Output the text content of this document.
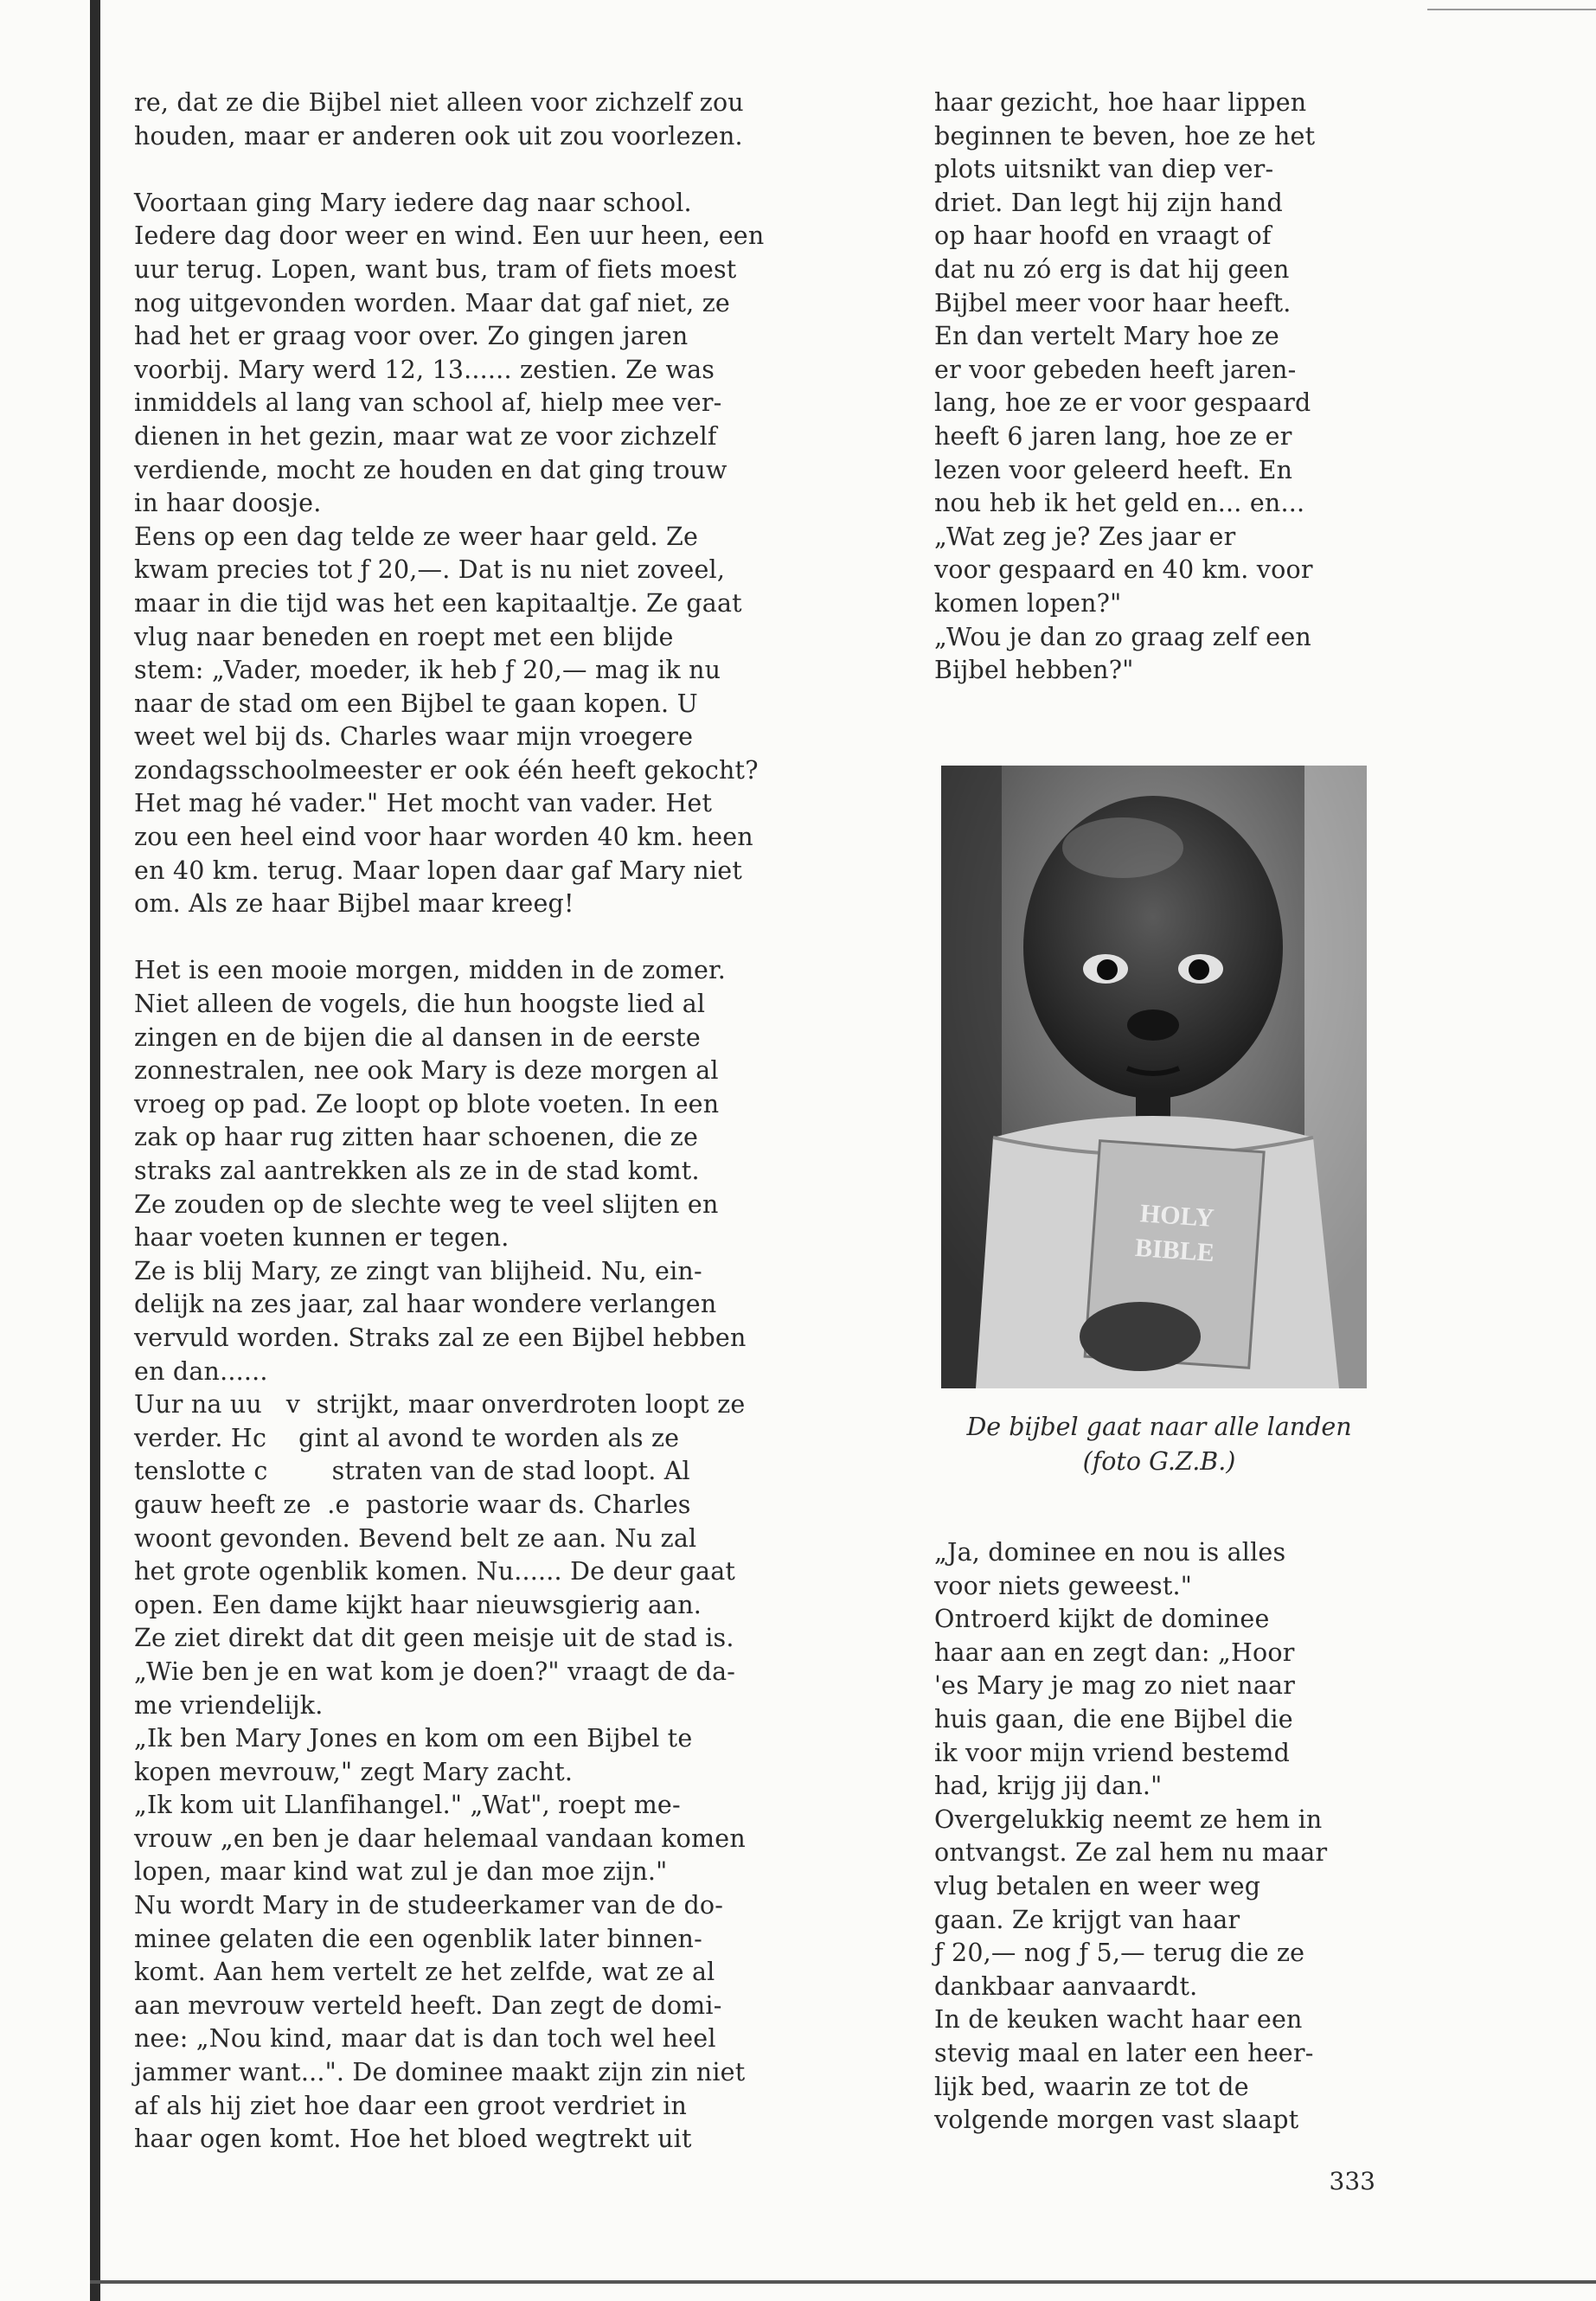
re, dat ze die Bijbel niet alleen voor zichzelf zou

houden, maar er anderen ook uit zou voorlezen.

Voortaan ging Mary iedere dag naar school.

Iedere dag door weer en wind. Een uur heen, een

uur terug. Lopen, want bus, tram of fiets moest

nog uitgevonden worden. Maar dat gaf niet, ze

had het er graag voor over. Zo gingen jaren

voorbij. Mary werd 12, 13...... zestien. Ze was

inmiddels al lang van school af, hielp mee ver-

dienen in het gezin, maar wat ze voor zichzelf

verdiende, mocht ze houden en dat ging trouw

in haar doosje.

Eens op een dag telde ze weer haar geld. Ze

kwam precies tot ƒ 20,—. Dat is nu niet zoveel,

maar in die tijd was het een kapitaaltje. Ze gaat

vlug naar beneden en roept met een blijde

stem: „Vader, moeder, ik heb ƒ 20,— mag ik nu

naar de stad om een Bijbel te gaan kopen. U

weet wel bij ds. Charles waar mijn vroegere

zondagsschoolmeester er ook één heeft gekocht?

Het mag hé vader." Het mocht van vader. Het

zou een heel eind voor haar worden 40 km. heen

en 40 km. terug. Maar lopen daar gaf Mary niet

om. Als ze haar Bijbel maar kreeg!

Het is een mooie morgen, midden in de zomer.

Niet alleen de vogels, die hun hoogste lied al

zingen en de bijen die al dansen in de eerste

zonnestralen, nee ook Mary is deze morgen al

vroeg op pad. Ze loopt op blote voeten. In een

zak op haar rug zitten haar schoenen, die ze

straks zal aantrekken als ze in de stad komt.

Ze zouden op de slechte weg te veel slijten en

haar voeten kunnen er tegen.

Ze is blij Mary, ze zingt van blijheid. Nu, ein-

delijk na zes jaar, zal haar wondere verlangen

vervuld worden. Straks zal ze een Bijbel hebben

en dan......

Uur na uu   v  strijkt, maar onverdroten loopt ze

verder. Hc    gint al avond te worden als ze

tenslotte c        straten van de stad loopt. Al

gauw heeft ze  .e  pastorie waar ds. Charles

woont gevonden. Bevend belt ze aan. Nu zal

het grote ogenblik komen. Nu...... De deur gaat

open. Een dame kijkt haar nieuwsgierig aan.

Ze ziet direkt dat dit geen meisje uit de stad is.

„Wie ben je en wat kom je doen?" vraagt de da-

me vriendelijk.

„Ik ben Mary Jones en kom om een Bijbel te

kopen mevrouw," zegt Mary zacht.

„Ik kom uit Llanfihangel." „Wat", roept me-

vrouw „en ben je daar helemaal vandaan komen

lopen, maar kind wat zul je dan moe zijn."

Nu wordt Mary in de studeerkamer van de do-

minee gelaten die een ogenblik later binnen-

komt. Aan hem vertelt ze het zelfde, wat ze al

aan mevrouw verteld heeft. Dan zegt de domi-

nee: „Nou kind, maar dat is dan toch wel heel

jammer want...". De dominee maakt zijn zin niet

af als hij ziet hoe daar een groot verdriet in

haar ogen komt. Hoe het bloed wegtrekt uit

haar gezicht, hoe haar lippen

beginnen te beven, hoe ze het

plots uitsnikt van diep ver-

driet. Dan legt hij zijn hand

op haar hoofd en vraagt of

dat nu zó erg is dat hij geen

Bijbel meer voor haar heeft.

En dan vertelt Mary hoe ze

er voor gebeden heeft jaren-

lang, hoe ze er voor gespaard

heeft 6 jaren lang, hoe ze er

lezen voor geleerd heeft. En

nou heb ik het geld en... en...

„Wat zeg je? Zes jaar er

voor gespaard en 40 km. voor

komen lopen?"

„Wou je dan zo graag zelf een

Bijbel hebben?"

HOLY
BIBLE

De bijbel gaat naar alle landen

(foto G.Z.B.)

„Ja, dominee en nou is alles

voor niets geweest."

Ontroerd kijkt de dominee

haar aan en zegt dan: „Hoor

'es Mary je mag zo niet naar

huis gaan, die ene Bijbel die

ik voor mijn vriend bestemd

had, krijg jij dan."

Overgelukkig neemt ze hem in

ontvangst. Ze zal hem nu maar

vlug betalen en weer weg

gaan. Ze krijgt van haar

ƒ 20,— nog ƒ 5,— terug die ze

dankbaar aanvaardt.

In de keuken wacht haar een

stevig maal en later een heer-

lijk bed, waarin ze tot de

volgende morgen vast slaapt

333
